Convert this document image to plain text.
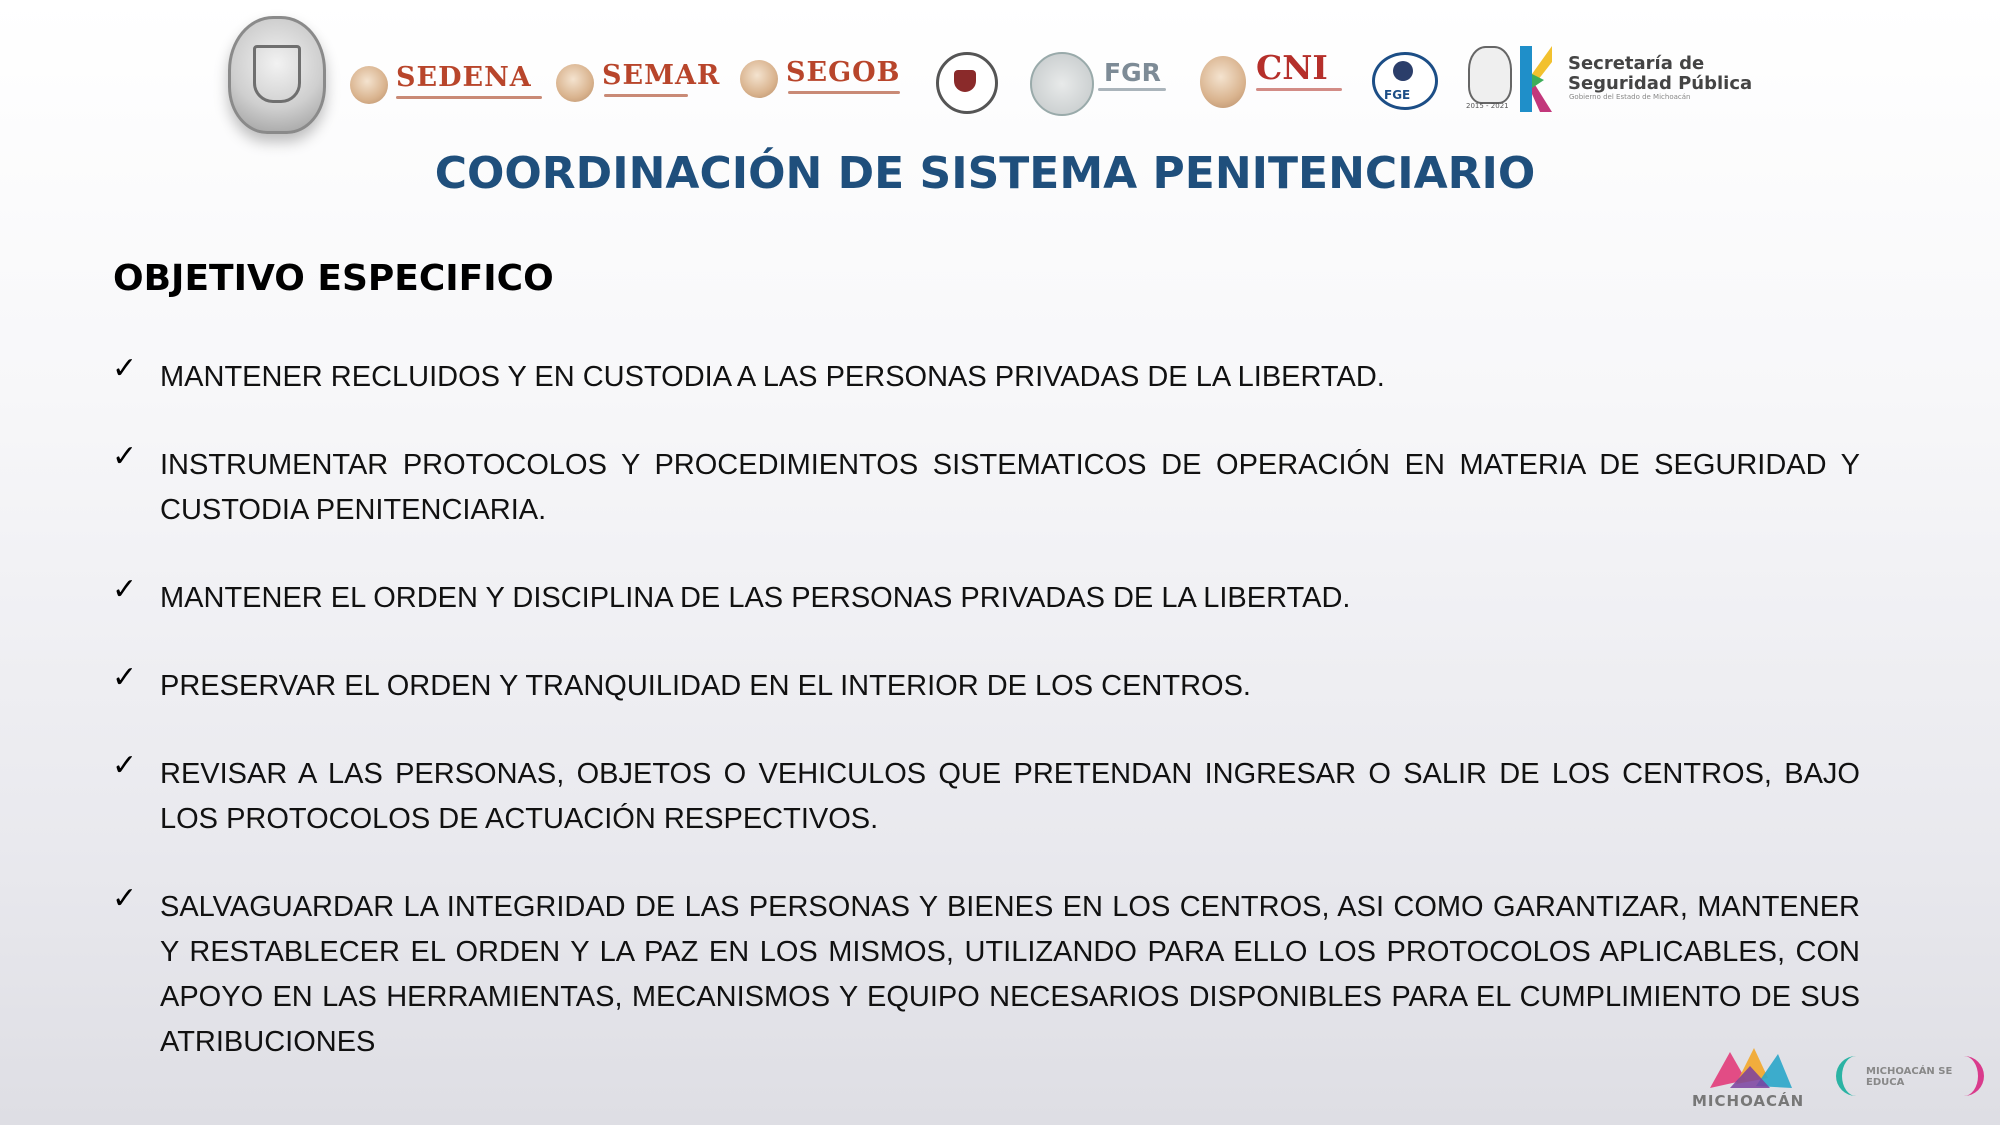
SEDENA	SEMAR SEGOB	FGR	CNI
FGE
2015 - 2021
Secretaría de Seguridad Pública
Gobierno del Estado de Michoacán
COORDINACIÓN DE SISTEMA PENITENCIARIO
OBJETIVO ESPECIFICO
✓ MANTENER RECLUIDOS Y EN CUSTODIA A LAS PERSONAS PRIVADAS DE LA LIBERTAD.
✓ INSTRUMENTAR PROTOCOLOS Y PROCEDIMIENTOS SISTEMATICOS DE OPERACIÓN EN MATERIA DE SEGURIDAD Y CUSTODIA PENITENCIARIA.
✓ MANTENER EL ORDEN Y DISCIPLINA DE LAS PERSONAS PRIVADAS DE LA LIBERTAD.
✓ PRESERVAR EL ORDEN Y TRANQUILIDAD EN EL INTERIOR DE LOS CENTROS.
✓ REVISAR A LAS PERSONAS, OBJETOS O VEHICULOS QUE PRETENDAN INGRESAR O SALIR DE LOS CENTROS, BAJO LOS PROTOCOLOS DE ACTUACIÓN RESPECTIVOS.
✓ SALVAGUARDAR LA INTEGRIDAD DE LAS PERSONAS Y BIENES EN LOS CENTROS, ASI COMO GARANTIZAR, MANTENER Y RESTABLECER EL ORDEN Y LA PAZ EN LOS MISMOS, UTILIZANDO PARA ELLO LOS PROTOCOLOS APLICABLES, CON APOYO EN LAS HERRAMIENTAS, MECANISMOS Y EQUIPO NECESARIOS DISPONIBLES PARA EL CUMPLIMIENTO DE SUS ATRIBUCIONES
MICHOACÁN
MICHOACÁN SE EDUCA
